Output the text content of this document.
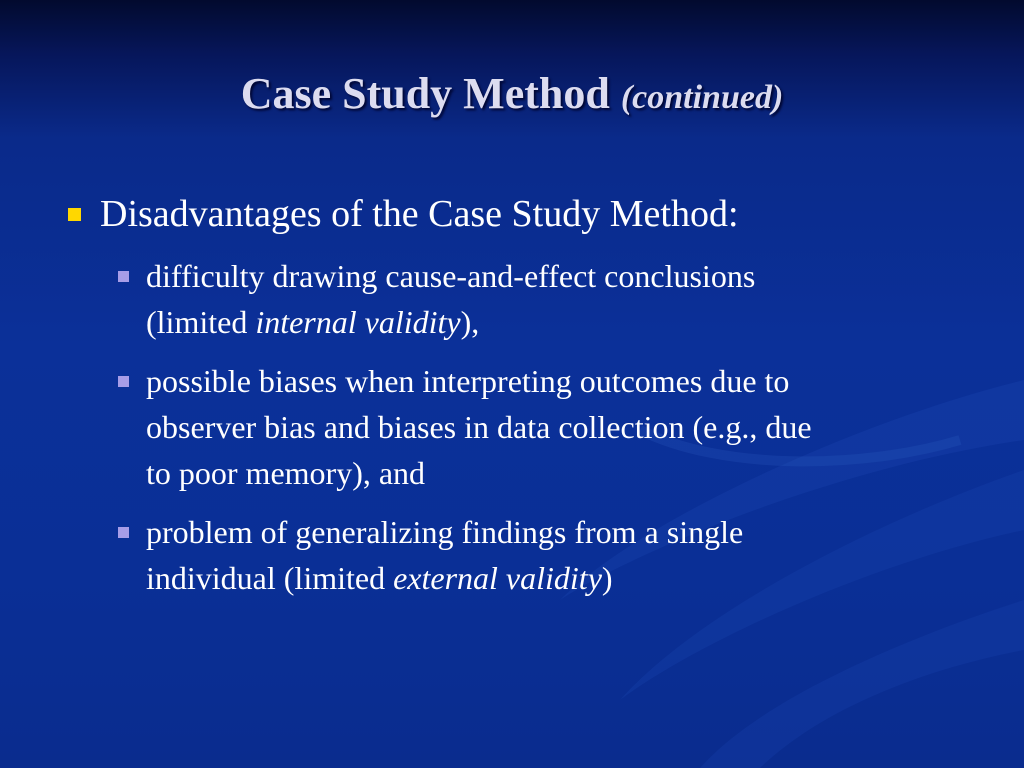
Case Study Method (continued)
Disadvantages of the Case Study Method:
difficulty drawing cause-and-effect conclusions
(limited internal validity),
possible biases when interpreting outcomes due to
observer bias and biases in data collection (e.g., due
to poor memory), and
problem of generalizing findings from a single
individual (limited external validity)
